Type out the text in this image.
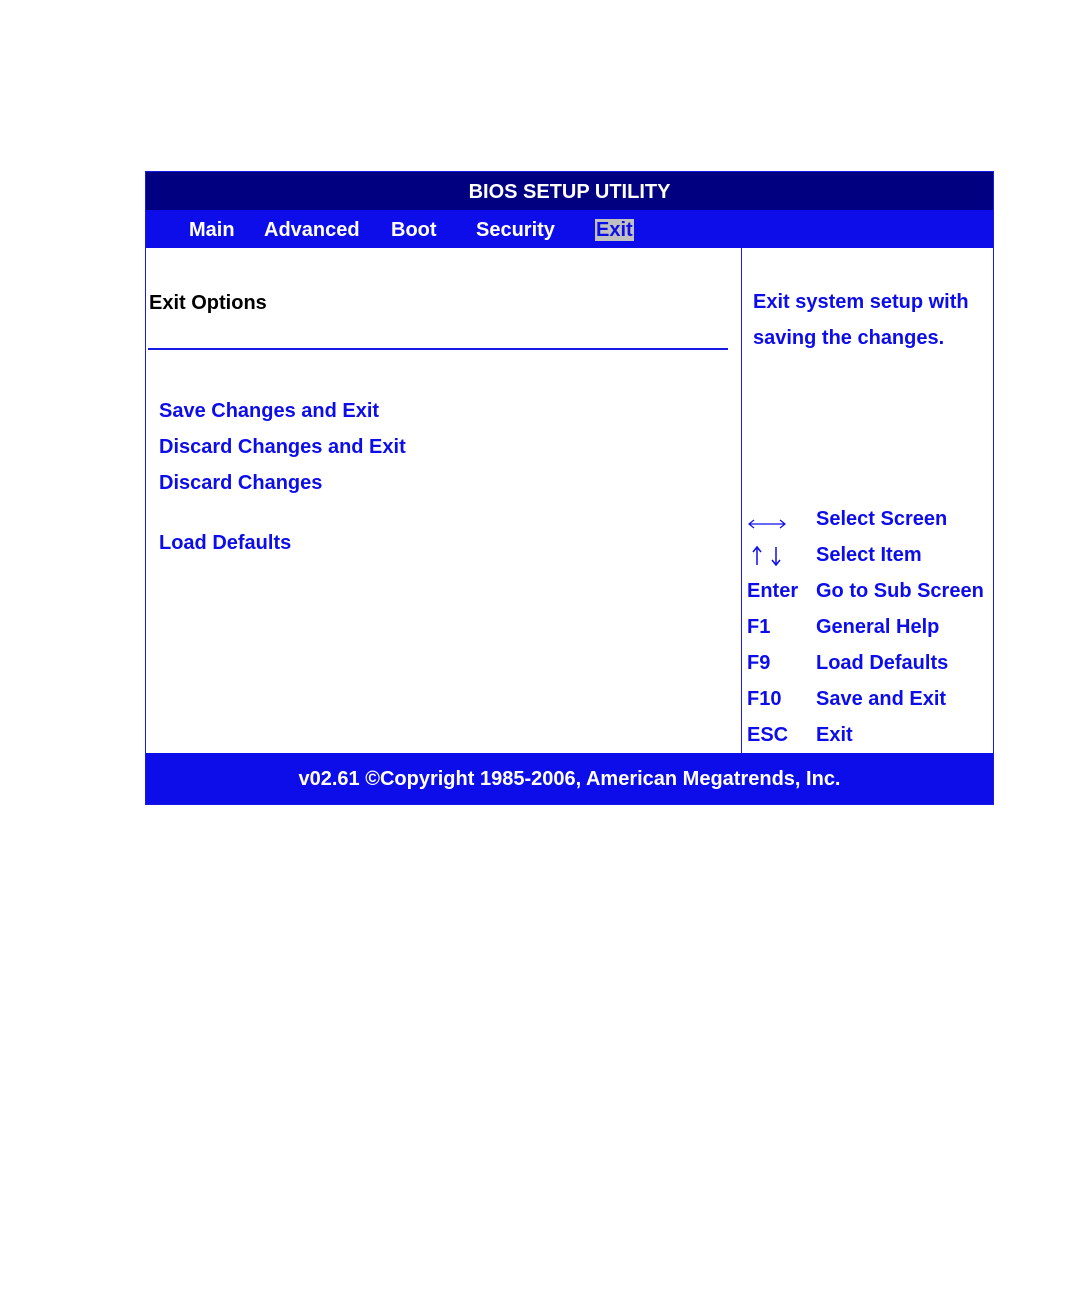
BIOS SETUP UTILITY
Main Advanced Boot Security Exit
Exit Options
Save Changes and Exit
Discard Changes and Exit
Discard Changes
Load Defaults
Exit system setup with
saving the changes.
Select Screen
Select Item
Enter Go to Sub Screen
F1 General Help
F9 Load Defaults
F10 Save and Exit
ESC Exit
v02.61 ©Copyright 1985-2006, American Megatrends, Inc.
